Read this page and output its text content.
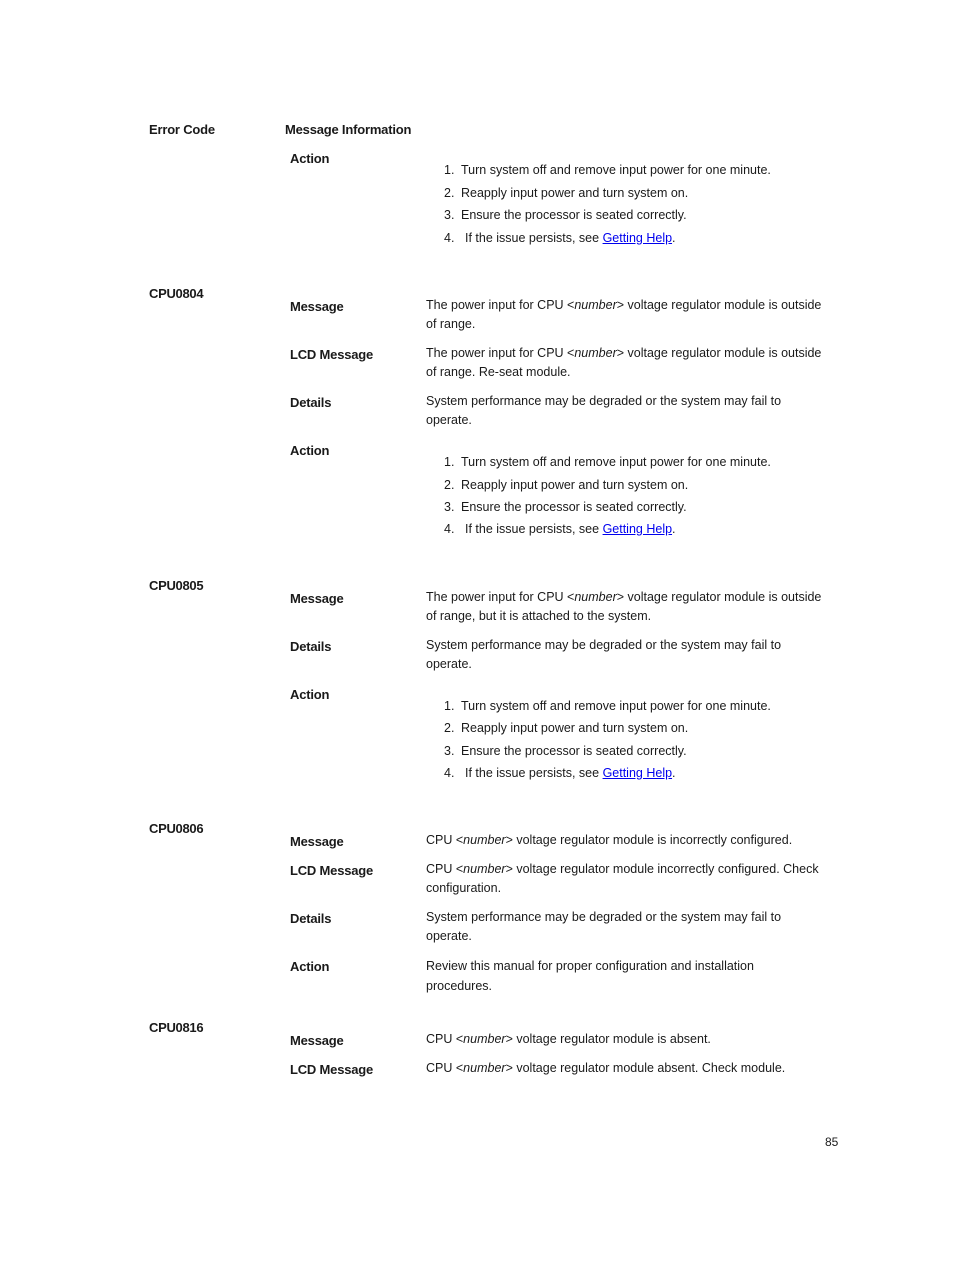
Error Code	Message Information
Action
1. Turn system off and remove input power for one minute.
2. Reapply input power and turn system on.
3. Ensure the processor is seated correctly.
4. If the issue persists, see Getting Help.
CPU0804
Message	The power input for CPU <number> voltage regulator module is outside of range.
LCD Message	The power input for CPU <number> voltage regulator module is outside of range. Re-seat module.
Details	System performance may be degraded or the system may fail to operate.
Action
1. Turn system off and remove input power for one minute.
2. Reapply input power and turn system on.
3. Ensure the processor is seated correctly.
4. If the issue persists, see Getting Help.
CPU0805
Message	The power input for CPU <number> voltage regulator module is outside of range, but it is attached to the system.
Details	System performance may be degraded or the system may fail to operate.
Action
1. Turn system off and remove input power for one minute.
2. Reapply input power and turn system on.
3. Ensure the processor is seated correctly.
4. If the issue persists, see Getting Help.
CPU0806
Message	CPU <number> voltage regulator module is incorrectly configured.
LCD Message	CPU <number> voltage regulator module incorrectly configured. Check configuration.
Details	System performance may be degraded or the system may fail to operate.
Action	Review this manual for proper configuration and installation procedures.
CPU0816
Message	CPU <number> voltage regulator module is absent.
LCD Message	CPU <number> voltage regulator module absent. Check module.
85
